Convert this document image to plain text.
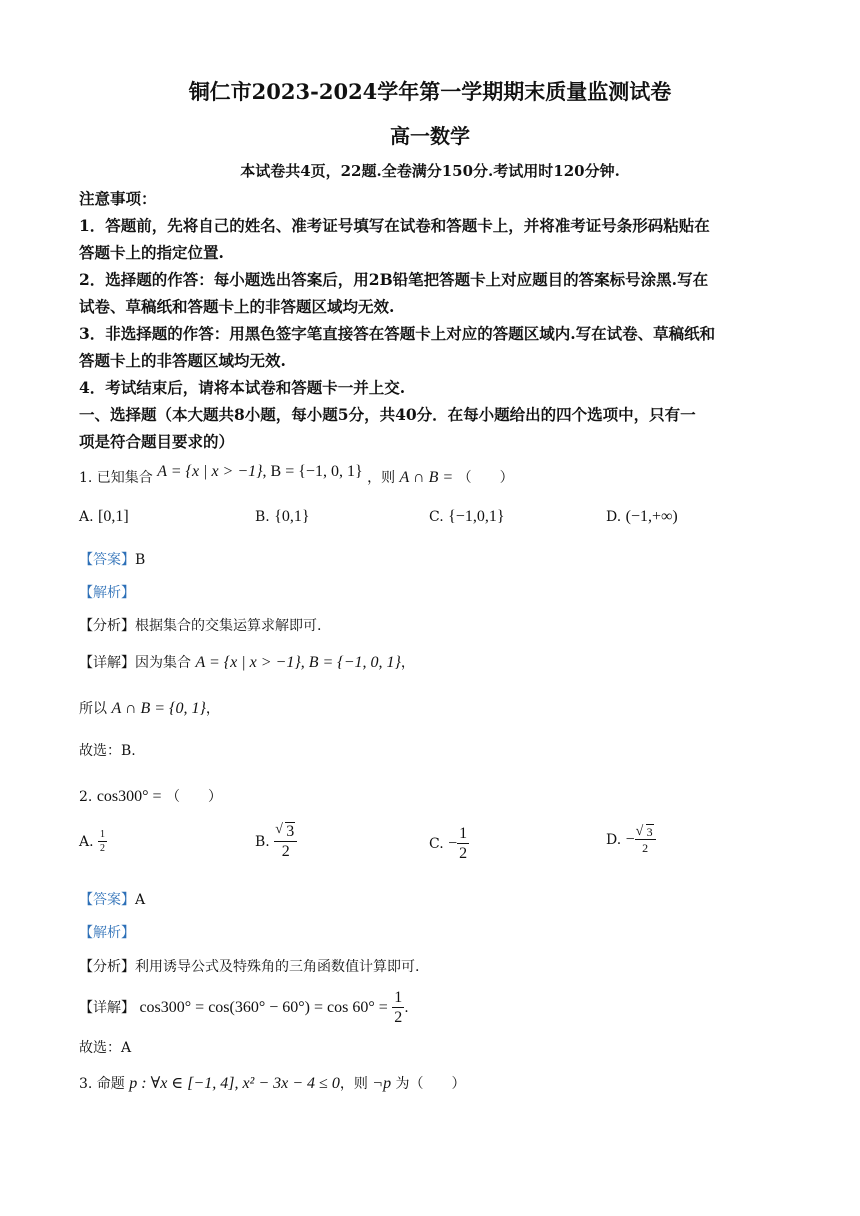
铜仁市2023-2024学年第一学期期末质量监测试卷
高一数学
本试卷共4页，22题.全卷满分150分.考试用时120分钟.
注意事项：
1．答题前，先将自己的姓名、准考证号填写在试卷和答题卡上，并将准考证号条形码粘贴在
答题卡上的指定位置.
2．选择题的作答：每小题选出答案后，用2B铅笔把答题卡上对应题目的答案标号涂黑.写在
试卷、草稿纸和答题卡上的非答题区域均无效.
3．非选择题的作答：用黑色签字笔直接答在答题卡上对应的答题区域内.写在试卷、草稿纸和
答题卡上的非答题区域均无效.
4．考试结束后，请将本试卷和答题卡一并上交.
一、选择题（本大题共8小题，每小题5分，共40分．在每小题给出的四个选项中，只有一
项是符合题目要求的）
1. 已知集合 A = {x | x > −1}, B = {−1, 0, 1} ，则 A ∩ B = （　　）
A. [0,1]	B. {0,1}	C. {−1,0,1}	D. (−1,+∞)
【答案】B
【解析】
【分析】根据集合的交集运算求解即可.
【详解】因为集合 A = {x | x > −1}, B = {−1, 0, 1}，
所以 A ∩ B = {0, 1}，
故选：B.
2. cos300° = （　　）
A. $\frac{1}{2}$	B. √ $\frac{3}{2}$	C. − $\frac{1}{2}$	D. − √ $\frac{3}{2}$
【答案】A
【解析】
【分析】利用诱导公式及特殊角的三角函数值计算即可.
【详解】 $\cos 300^\circ = \cos(360^\circ - 60^\circ) = \cos 60^\circ = \frac{1}{2}$ .
故选：A
3. 命题 p : ∀x ∈ [−1, 4], x² − 3x − 4 ≤ 0，则 ¬p 为（　　）
